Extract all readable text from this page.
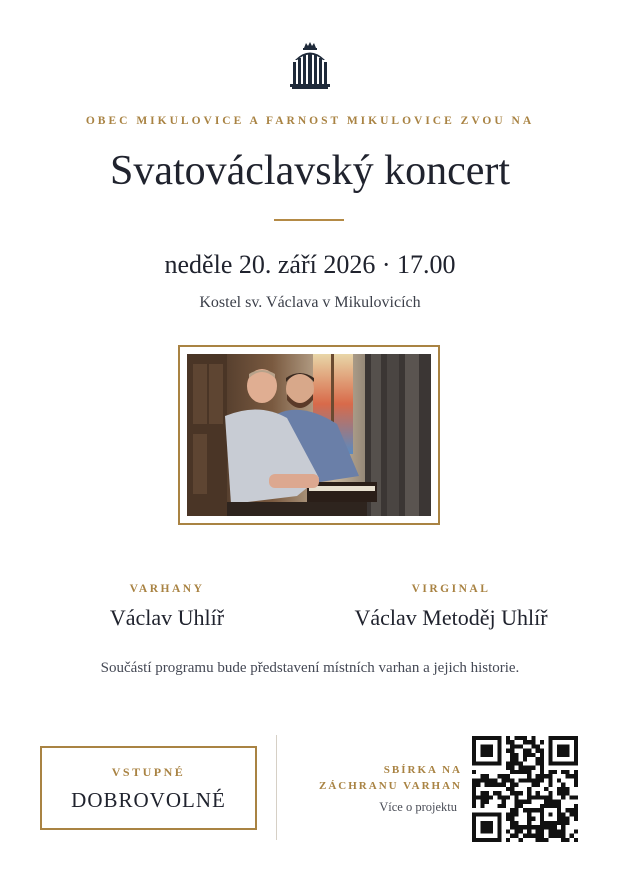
OBEC MIKULOVICE A FARNOST MIKULOVICE ZVOU NA
Svatováclavský koncert
neděle 20. září 2026 · 17.00
Kostel sv. Václava v Mikulovicích
VARHANY
Václav Uhlíř
VIRGINAL
Václav Metoděj Uhlíř
Součástí programu bude představení místních varhan a jejich historie.
VSTUPNÉ
DOBROVOLNÉ
SBÍRKA NA
ZÁCHRANU VARHAN
Více o projektu
